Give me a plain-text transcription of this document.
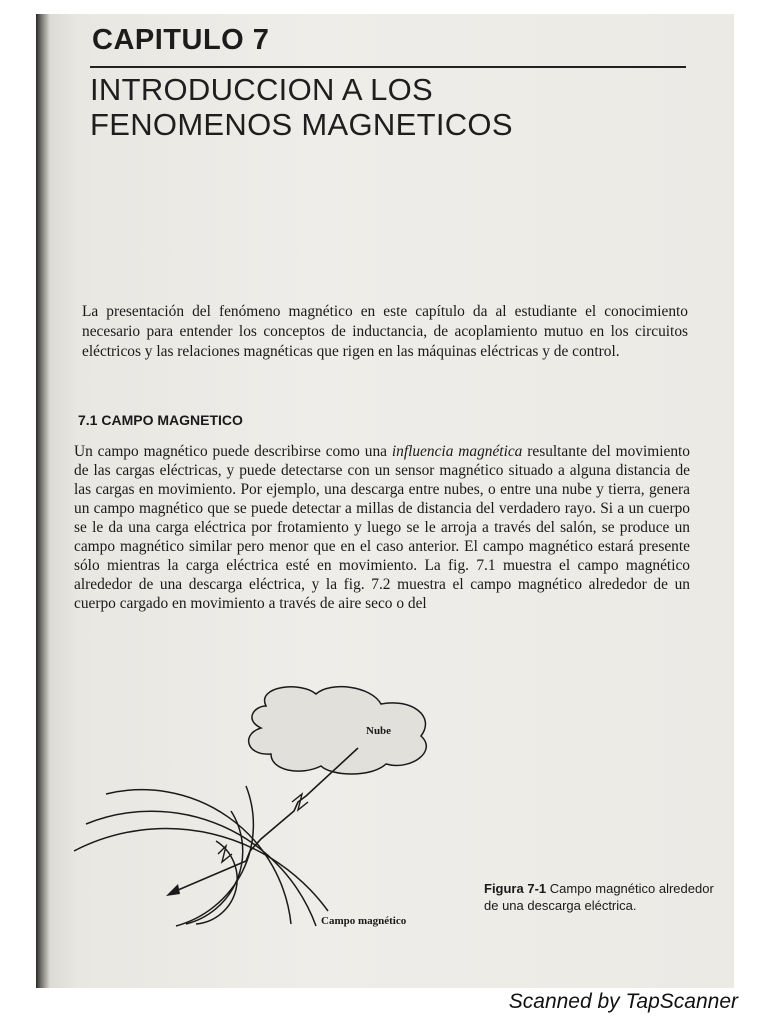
CAPITULO 7
INTRODUCCION A LOS
FENOMENOS MAGNETICOS

La presentación del fenómeno magnético en este capítulo da al estudiante el conocimiento necesario para entender los conceptos de inductancia, de acoplamiento mutuo en los circuitos eléctricos y las relaciones magnéticas que rigen en las máquinas eléctricas y de control.

7.1 CAMPO MAGNETICO

Un campo magnético puede describirse como una influencia magnética resultante del movimiento de las cargas eléctricas, y puede detectarse con un sensor magnético situado a alguna distancia de las cargas en movimiento. Por ejemplo, una descarga entre nubes, o entre una nube y tierra, genera un campo magnético que se puede detectar a millas de distancia del verdadero rayo. Si a un cuerpo se le da una carga eléctrica por frotamiento y luego se le arroja a través del salón, se produce un campo magnético similar pero menor que en el caso anterior. El campo magnético estará presente sólo mientras la carga eléctrica esté en movimiento. La fig. 7.1 muestra el campo magnético alrededor de una descarga eléctrica, y la fig. 7.2 muestra el campo magnético alrededor de un cuerpo cargado en movimiento a través de aire seco o del

Nube
Campo magnético
Figura 7-1 Campo magnético alrededor de una descarga eléctrica.
Scanned by TapScanner
